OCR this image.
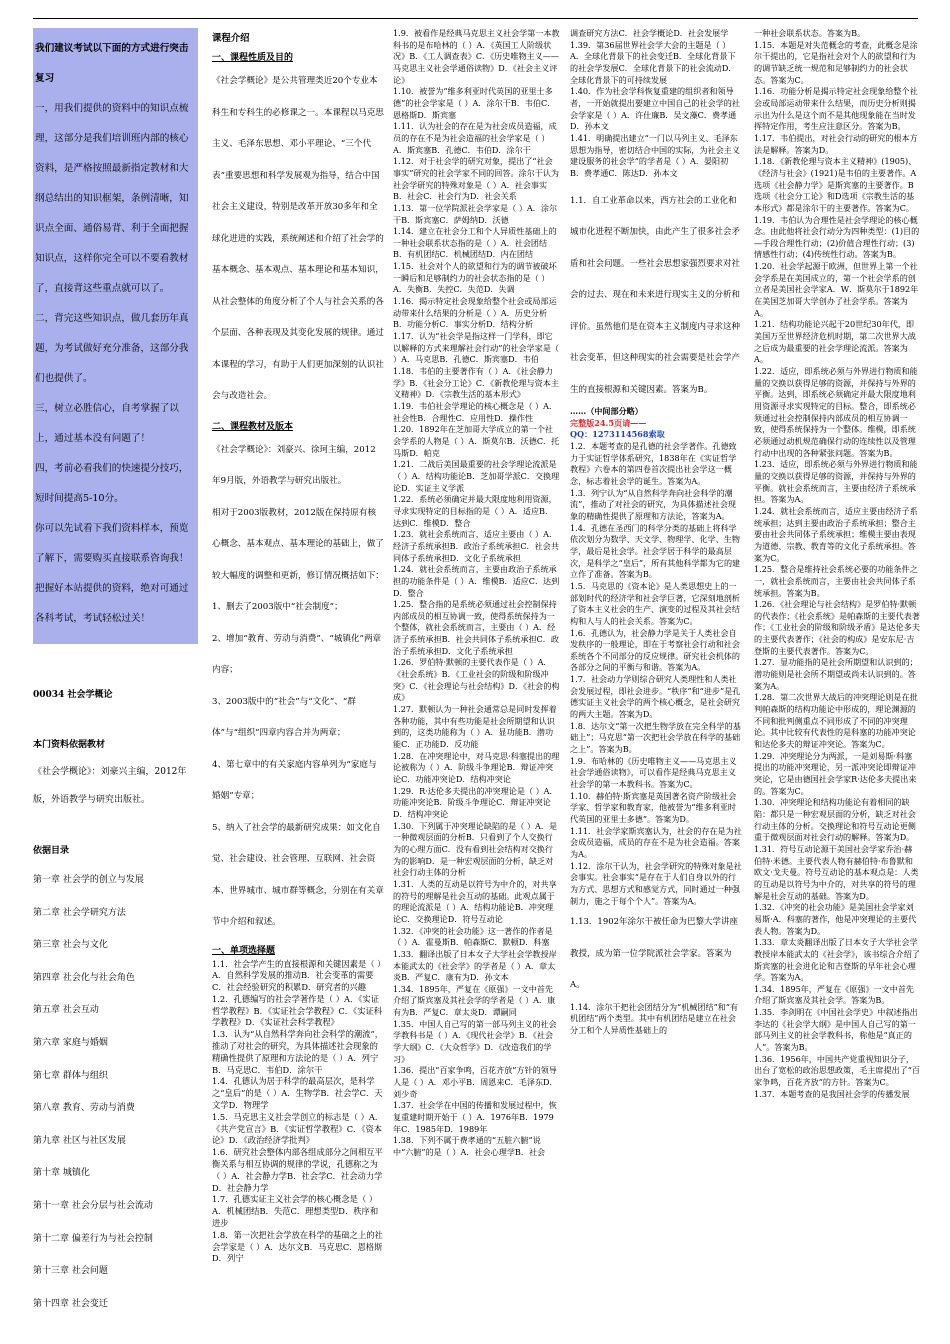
我们建议考试以下面的方式进行突击

复习

一，用我们提供的资料中的知识点梳理，这部分是我们培训班内部的核心资料，是严格按照最新指定教材和大纲总结出的知识框架，条例清晰，知识点全面、通俗易背、利于全面把握知识点，这样你完全可以不要看教材了，直接背这些重点就可以了。

二，背完这些知识点，做几套历年真题，为考试做好充分准备，这部分我们也提供了。

三，树立必胜信心，自考掌握了以上，通过基本没有问题了！

四，考前必看我们的快速提分技巧，短时间提高5-10分。

你可以先试看下我们资料样本，预览了解下，需要购买直接联系咨询我！把握好本站提供的资料，绝对可通过各科考试，考试轻松过关！

00034 社会学概论

本门资料依据教材

《社会学概论》：刘豪兴主编，2012年版，外语教学与研究出版社。

依据目录

第一章 社会学的创立与发展

第二章 社会学研究方法

第三章 社会与文化

第四章 社会化与社会角色

第五章 社会互动

第六章 家庭与婚姻

第七章 群体与组织

第八章 教育、劳动与消费

第九章 社区与社区发展

第十章 城镇化

第十一章 社会分层与社会流动

第十二章 偏差行为与社会控制

第十三章 社会问题

第十四章 社会变迁

课程介绍

一、课程性质及目的

《社会学概论》是公共管理类近20个专业本科生和专科生的必修课之一。本课程以马克思主义、毛泽东思想、邓小平理论、“三个代表”重要思想和科学发展观为指导，结合中国社会主义建设，特别是改革开放30多年和全球化进进的实践，系统阐述和介绍了社会学的基本概念、基本观点、基本理论和基本知识，从社会整体的角度分析了个人与社会关系的各个层面、各种表现及其变化发展的规律。通过本课程的学习，有助于人们更加深刻的认识社会与改造社会。

二、课程教材及版本

《社会学概论》：刘豪兴、徐珂主编，2012年9月版，外语教学与研究出版社。

相对于2003版教材，2012版在保持原有核心概念、基本观点、基本理论的基础上，做了较大幅度的调整和更新，修订情况概括如下：

1、删去了2003版中“社会制度”；

2、增加“教育、劳动与消费”、“城镇化”两章内容；

3、2003版中的“社会”与“文化”、“群体”与“组织”四章内容合并为两章；

4、第七章中的有关家庭内容单列为“家庭与婚姻”专章；

5、纳入了社会学的最新研究成果：如文化自觉、社会建设、社会管理、互联网、社会资本、世界城市、城市群等概念，分别在有关章节中介绍和叙述。

一、单项选择题

1.1．社会学产生的直接根源和关键因素是（ ）A．自然科学发展的推动B．社会变革的需要C．社会经验研究的积累D．研究者的兴趣

1.2．孔德编写的社会学著作是（ ）A．《实证哲学教程》B．《实证社会学教程》C．《实证科学教程》D．《实证社会科学教程》

1.3．认为“从自然科学奔向社会科学的潮流”，推动了对社会的研究，为具体描述社会现象的精确性提供了原理和方法论的是（ ）A．列宁B．马克思C．韦伯D．涂尔干

1.4．孔德认为居于科学的最高层次，是科学之“皇后”的是（ ）A．生物学B．社会学C．天文学D．物理学

1.5．马克思主义社会学创立的标志是（ ）A．《共产党宣言》B．《实证哲学教程》C．《资本论》D．《政治经济学批判》

1.6．研究社会整体内部各组成部分之间相互平衡关系与相互协调的规律的学说，孔德称之为（ ）A．社会静力学B．社会学C．社会动力学D．社会静力学

1.7．孔德实证主义社会学的核心概念是（ ）A．机械团结B．失范C．理想类型D．秩序和进步

1.8．第一次把社会学放在科学的基础之上的社会学家是（ ）A．达尔文B．马克思C．恩格斯D．列宁

1.9．被看作是经典马克思主义社会学第一本教科书的是布哈林的（ ）A．《英国工人阶级状况》B．《工人调查表》C．《历史唯物主义——马克思主义社会学通俗读物》D．《社会主义评论》

1.10．被誉为“维多利亚时代英国的亚里士多德”的社会学家是（ ）A．涂尔干B．韦伯C．恩格斯D．斯宾塞

1.11．认为社会的存在是为社会成员造福，成员的存在不是为社会造福的社会学家是（ ）A．斯宾塞B．孔德C．韦伯D．涂尔干

1.12．对于社会学的研究对象，提出了“社会事实”研究的社会学家不同的回答。涂尔干认为社会学研究的特殊对象是（ ）A．社会事实B．社会C．社会行为D．社会关系

1.13．第一位学院派社会学家是（ ）A．涂尔干B．斯宾塞C．萨姆纳D．沃德

1.14．建立在社会分工和个人异质性基础上的一种社会联系状态指的是（ ）A．社会团结B．有机团结C．机械团结D．内在团结

1.15．社会对个人的欲望和行为的调节被破坏一瞬后和足够制约力的社会状态指的是（ ）A．失衡B．失控C．失范D．失调

1.16．揭示特定社会现象给整个社会或局部运动带来什么结果的分析是（ ）A．历史分析B．功能分析C．事实分析D．结构分析

1.17．认为“社会学是指这样一门学科，即它以解释的方式来理解社会行动”的社会学家是（ ）A．马克思B．孔德C．斯宾塞D．韦伯

1.18．韦伯的主要著作有（ ）A．《社会静力学》B．《社会分工论》C．《新教伦理与资本主义精神》D．《宗教生活的基本形式》

1.19．韦伯社会学理论的核心概念是（ ）A．社会性B．合理性C．应用性D．操作性

1.20．1892年在芝加哥大学成立的第一个社会学系的人物是（ ）A．斯莫尔B．沃德C．托马斯D．帕克

1.21．二战后美国最重要的社会学理论流派是（ ）A．结构功能论B．芝加哥学派C．交换理论D．实证主义学派

1.22．系统必须确定并最大限度地利用资源，寻求实现特定的目标指的是（ ）A．适应B．达到C．维模D．整合

1.23．就社会系统而言，适应主要由（ ）A．经济子系统承担B．政治子系统承担C．社会共同体子系统承担D．文化子系统承担

1.24．就社会系统而言，主要由政治子系统承担的功能条件是（ ）A．维模B．适应C．达到D．整合

1.25．整合指的是系统必须通过社会控制保持内部成员的相互协调一致，使得系统保持为一个整体，就社会系统而言，主要由（ ）A．经济子系统承担B．社会共同体子系统承担C．政治子系统承担D．文化子系统承担

1.26．罗伯特·默顿的主要代表作是（ ）A．《社会系统》B．《工业社会的阶级和阶级冲突》C．《社会理论与社会结构》D．《社会的构成》

1.27．默顿认为一种社会通常总是同时发挥着各种功能，其中有些功能是社会所期望和认识到的，这类功能称为（ ）A．显功能B．潜功能C．正功能D．反功能

1.28．在冲突理论中，对马克思·科塞提出的理论被称为（ ）A．阶级斗争理论B．辩证冲突论C．功能冲突论D．结构冲突论

1.29．R·达伦多夫提出的冲突理论是（ ）A．功能冲突论B．阶级斗争理论C．辩证冲突论D．结构冲突论

1.30．下列属于冲突理论缺陷的是（ ）A．是一种微观层面的分析B．只看到了个人交换行为的心理方面C．没有看到社会结构对交换行为的影响D．是一种宏观层面的分析，缺乏对社会行动主体的分析

1.31．人类的互动是以符号为中介的，对共享的符号的理解是社会互动的基础。此观点属于的理论流派是（ ）A．结构功能论B．冲突理论C．交换理论D．符号互动论

1.32．《冲突的社会功能》这一著作的作者是（ ）A．霍曼斯B．帕森斯C．默顿D．科塞

1.33．翻译出版了日本女子大学社会学教授岸本能武太的《社会学》的学者是（ ）A．章太炎B．严复C．康有为D．孙文本

1.34．1895年，严复在《原强》一文中首先介绍了斯宾塞及其社会学的学者是（ ）A．康有为B．严复C．章太炎D．谭嗣同

1.35．中国人自己写的第一部马列主义的社会学教科书是（ ）A．《现代社会学》B．《社会学大纲》C．《大众哲学》D．《改造我们的学习》

1.36．提出“百家争鸣，百花齐放”方针的领导人是（ ）A．邓小平B．周恩来C．毛泽东D．刘少奇

1.37．社会学在中国的传播和发展过程中，恢复重建时期开始于（ ）A．1976年B．1979年C．1985年D．1989年

1.38．下列不属于费孝通的“五脏六腑”说中“六腑”的是（ ）A．社会心理学B．社会

调查研究方法C．社会学概论D．社会发展学

1.39．第36届世界社会学大会的主题是（ ）A．全球化背景下的社会变迁B．全球化背景下的社会学发展C．全球化背景下的社会流动D．全球化背景下的可持续发展

1.40．作为社会学科恢复重建的组织者和领导者，一开始就提出要建立中国自己的社会学的社会学家是（ ）A．许仕廉B．吴文藻C．费孝通D．孙本文

1.41．明确提出建立“一门以马列主义、毛泽东思想为指导，密切结合中国的实际，为社会主义建设服务的社会学”的学者是（ ）A．晏阳初B．费孝通C．陈达D．孙本文

1.1．自工业革命以来，西方社会的工业化和城市化进程不断加快，由此产生了很多社会矛盾和社会问题。一些社会思想家强烈要求对社会的过去、现在和未来进行现实主义的分析和评价。虽然他们是在资本主义制度内寻求这种社会变革，但这种现实的社会需要是社会学产生的直接根源和关键因素。答案为B。

……（中间部分略）

完整版24.5页请——

QQ：1273114568索取

1.2．本题考查的是孔德的社会学著作。孔德致力于实证哲学体系研究，1838年在《实证哲学教程》六卷本的第四卷首次提出社会学这一概念，标志着社会学的诞生。答案为A。

1.3．列宁认为“从自然科学奔向社会科学的潮流”，推动了对社会的研究，为具体描述社会现象的精确性提供了原理和方法论，答案为A。

1.4．孔德在圣西门的科学分类的基础上将科学依次划分为数学、天文学、物理学、化学、生物学，最后是社会学。社会学居于科学的最高层次，是科学之“皇后”，所有其他科学都为它的建立作了准备。答案为B。

1.5．马克思的《资本论》是人类思想史上的一部划时代的经济学和社会学巨著，它深刻地剖析了资本主义社会的生产、演变的过程及其社会结构和人与人的社会关系。答案为C。

1.6．孔德认为，社会静力学是关于人类社会自发秩序的一般理论，即在于考察社会行动和社会系统各个不同部分的反应规律。研究社会机体的各部分之间的平衡与和谐。答案为A。

1.7．社会动力学则综合研究人类理性和人类社会发展过程，即社会进步。“秩序”和“进步”是孔德实证主义社会学的两个核心概念，是社会研究的两大主题。答案为D。

1.8．达尔文“第一次把生物学放在完全科学的基础上”；马克思“第一次把社会学放在科学的基础之上”。答案为B。

1.9．布哈林的《历史唯物主义——马克思主义社会学通俗读物》，可以看作是经典马克思主义社会学的第一本教科书。答案为C。

1.10．赫伯特·斯宾塞是英国著名资产阶级社会学家、哲学家和教育家，他被誉为“维多利亚时代英国的亚里士多德”。答案为D。

1.11．社会学家斯宾塞认为，社会的存在是为社会成员造福，成员的存在不是为社会造福。答案为A。

1.12．涂尔干认为，社会学研究的特殊对象是社会事实。社会事实“是存在于人们自身以外的行为方式、思想方式和感觉方式，同时通过一种强制力，施之于每个个人”。答案为A。

1.13．1902年涂尔干被任命为巴黎大学讲座教授，成为第一位学院派社会学家。答案为A。

1.14．涂尔干把社会团结分为“机械团结”和“有机团结”两个类型。其中有机团结是建立在社会分工和个人异质性基础上的

一种社会联系状态。答案为B。

1.15．本题是对失范概念的考查，此概念是涂尔干提出的，它是指社会对个人的欲望和行为的调节缺乏统一规范和足够制约力的社会状态。答案为C。

1.16．功能分析是揭示特定社会现象给整个社会或局部运动带来什么结果，而历史分析则揭示出为什么是这个而不是其他现象能在当时发挥特定作用，考生应注意区分。答案为B。

1.17．韦伯提出，对社会行动的研究的根本方法是解释。答案为D。

1.18．《新教伦理与资本主义精神》(1905)、《经济与社会》(1921)是韦伯的主要著作。A选项《社会静力学》是斯宾塞的主要著作。B选项《社会分工论》和D选项《宗教生活的基本形式》都是涂尔干的主要著作。答案为C。

1.19．韦伯认为合理性是社会学理论的核心概念。由此他将社会行动分为四种类型：(1)目的—手段合理性行动；(2)价值合理性行动；(3)情感性行动；(4)传统性行动。答案为B。

1.20．社会学起源于欧洲，但世界上第一个社会学系是在美国成立的，第一个社会学系的创立者是美国社会学家A．W．斯莫尔于1892年在美国芝加哥大学创办了社会学系。答案为A。

1.21．结构功能论兴起于20世纪30年代，即美国万至世界经济危机时期，第二次世界大战之后成为最重要的社会学理论流派。答案为A。

1.22．适应，即系统必须与外界进行物质和能量的交换以获得足够的资源，并保持与外界的平衡。达到，即系统必须确定并最大限度地利用资源寻求实现特定的目标。整合，即系统必须通过社会控制保持内部成员的相互协调一致，使得系统保持为一个整体。维模，即系统必须通过动机规范确保行动的连续性以及管理行动中出现的各种紧张问题。答案为B。

1.23．适应，即系统必须与外界进行物质和能量的交换以获得足够的资源，并保持与外界的平衡。就社会系统而言，主要由经济子系统承担。答案为A。

1.24．就社会系统而言，适应主要由经济子系统承担；达到主要由政治子系统承担；整合主要由社会共同体子系统承担；维模主要由表现为道德、宗教、教育等的文化子系统承担。答案为C。

1.25．整合是维持社会系统必要的功能条件之一，就社会系统而言，主要由社会共同体子系统承担。答案为B。

1.26．《社会理论与社会结构》是罗伯特·默顿的代表作；《社会系统》是帕森斯的主要代表著作；《工业社会的阶级和阶级矛盾》是达伦多夫的主要代表著作；《社会的构成》是安东尼·吉登斯的主要代表著作。答案为C。

1.27．显功能指的是社会所期望和认识到的；潜功能则是社会所不期望或尚未认识到的。答案为A。

1.28．第二次世界大战后的冲突理论则是在批判帕森斯的结构功能论中形成的，理论渊源的不同和批判侧重点不同形成了不同的冲突理论。其中比较有代表性的是科塞的功能冲突论和达伦多夫的辩证冲突论。答案为C。

1.29．冲突理论分为两派，一是刘易斯·科塞提出的功能冲突理论，另一派冲突论即辩证冲突论，它是由德国社会学家R·达伦多夫提出来的。答案为C。

1.30．冲突理论和结构功能论有着相同的缺陷：都只是一种宏观层面的分析，缺乏对社会行动主体的分析。交换理论和符号互动论更侧重于微观层面对社会行动的解释。答案为D。

1.31．符号互动论源于美国社会学家乔治·赫伯特·米德。主要代表人物有赫伯特·布鲁默和欧文·戈夫曼。符号互动论的基本观点是：人类的互动是以符号为中介的，对共享的符号的理解是社会互动的基础。答案为D。

1.32．《冲突的社会功能》是美国社会学家刘易斯·A．科塞的著作，他是冲突理论的主要代表人物。答案为D。

1.33．章太炎翻译出版了日本女子大学社会学教授岸本能武太的《社会学》，该书综合介绍了斯宾塞的社会进化论和吉登斯的早年社会心理学。答案为A。

1.34．1895年，严复在《原强》一文中首先介绍了斯宾塞及其社会学。答案为B。

1.35．李剑明在《中国社会学史》中叙述指出李达的《社会学大纲》是中国人自己写的第一部马列主义的社会学教科书，称他是“真正的人”。答案为B。

1.36．1956年，中国共产党重视知识分子，出台了宽松的政治思想政策，毛主席提出了“百家争鸣，百花齐放”的方针。答案为C。

1.37．本题考查的是我国社会学的传播发展
